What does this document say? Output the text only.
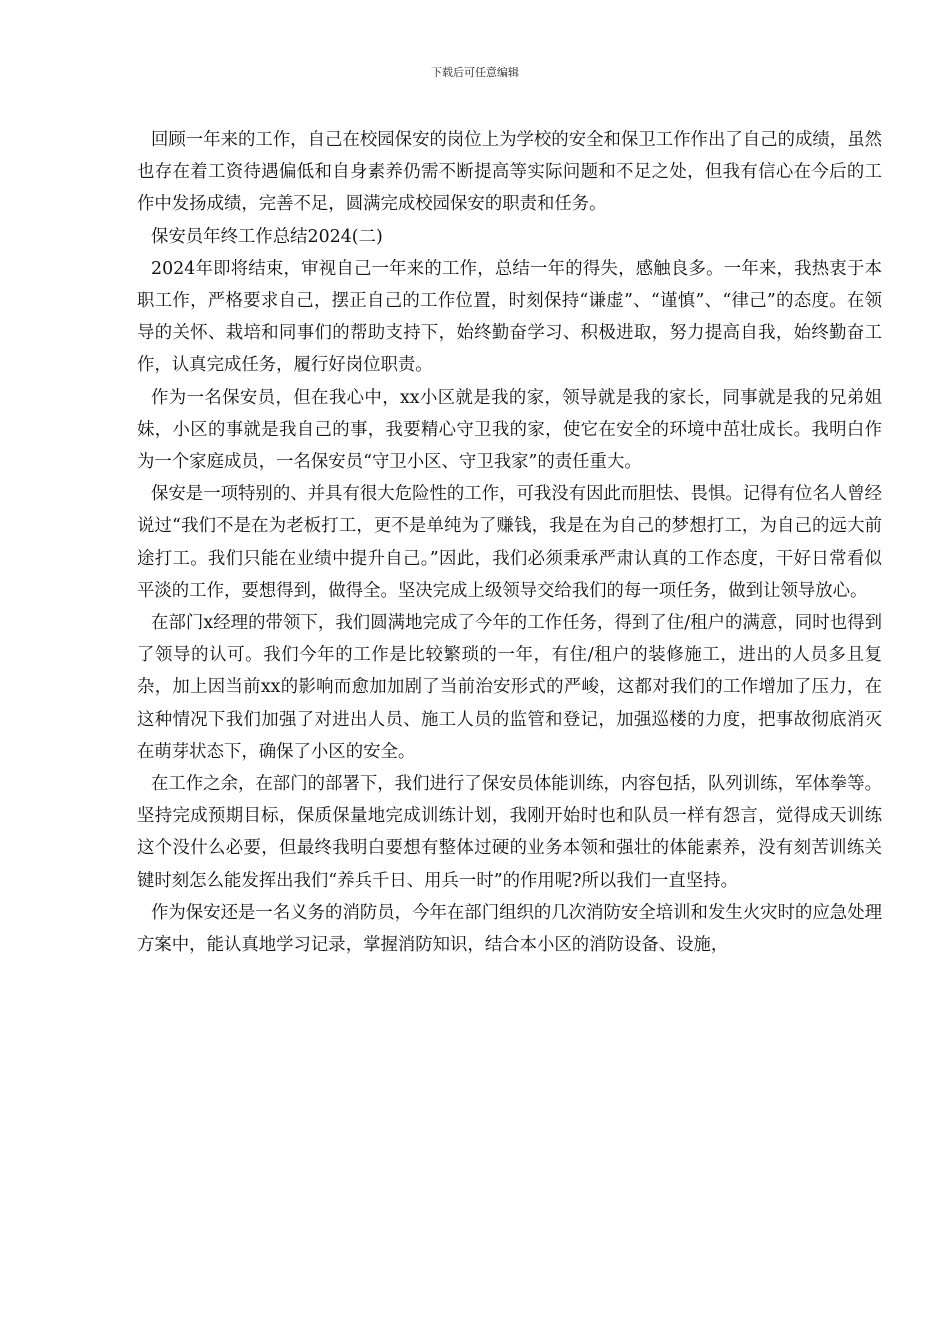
下载后可任意编辑

回顾一年来的工作，自己在校园保安的岗位上为学校的安全和保卫工作作出了自己的成绩，虽然也存在着工资待遇偏低和自身素养仍需不断提高等实际问题和不足之处，但我有信心在今后的工作中发扬成绩，完善不足，圆满完成校园保安的职责和任务。

保安员年终工作总结2024(二)

2024年即将结束，审视自己一年来的工作，总结一年的得失，感触良多。一年来，我热衷于本职工作，严格要求自己，摆正自己的工作位置，时刻保持“谦虚”、“谨慎”、“律己”的态度。在领导的关怀、栽培和同事们的帮助支持下，始终勤奋学习、积极进取，努力提高自我，始终勤奋工作，认真完成任务，履行好岗位职责。

作为一名保安员，但在我心中，xx小区就是我的家，领导就是我的家长，同事就是我的兄弟姐妹，小区的事就是我自己的事，我要精心守卫我的家，使它在安全的环境中茁壮成长。我明白作为一个家庭成员，一名保安员“守卫小区、守卫我家”的责任重大。

保安是一项特别的、并具有很大危险性的工作，可我没有因此而胆怯、畏惧。记得有位名人曾经说过“我们不是在为老板打工，更不是单纯为了赚钱，我是在为自己的梦想打工，为自己的远大前途打工。我们只能在业绩中提升自己。”因此，我们必须秉承严肃认真的工作态度，干好日常看似平淡的工作，要想得到，做得全。坚决完成上级领导交给我们的每一项任务，做到让领导放心。

在部门x经理的带领下，我们圆满地完成了今年的工作任务，得到了住/租户的满意，同时也得到了领导的认可。我们今年的工作是比较繁琐的一年，有住/租户的装修施工，进出的人员多且复杂，加上因当前xx的影响而愈加加剧了当前治安形式的严峻，这都对我们的工作增加了压力，在这种情况下我们加强了对进出人员、施工人员的监管和登记，加强巡楼的力度，把事故彻底消灭在萌芽状态下，确保了小区的安全。

在工作之余，在部门的部署下，我们进行了保安员体能训练，内容包括，队列训练，军体拳等。坚持完成预期目标，保质保量地完成训练计划，我刚开始时也和队员一样有怨言，觉得成天训练这个没什么必要，但最终我明白要想有整体过硬的业务本领和强壮的体能素养，没有刻苦训练关键时刻怎么能发挥出我们“养兵千日、用兵一时”的作用呢?所以我们一直坚持。

作为保安还是一名义务的消防员，今年在部门组织的几次消防安全培训和发生火灾时的应急处理方案中，能认真地学习记录，掌握消防知识，结合本小区的消防设备、设施，
